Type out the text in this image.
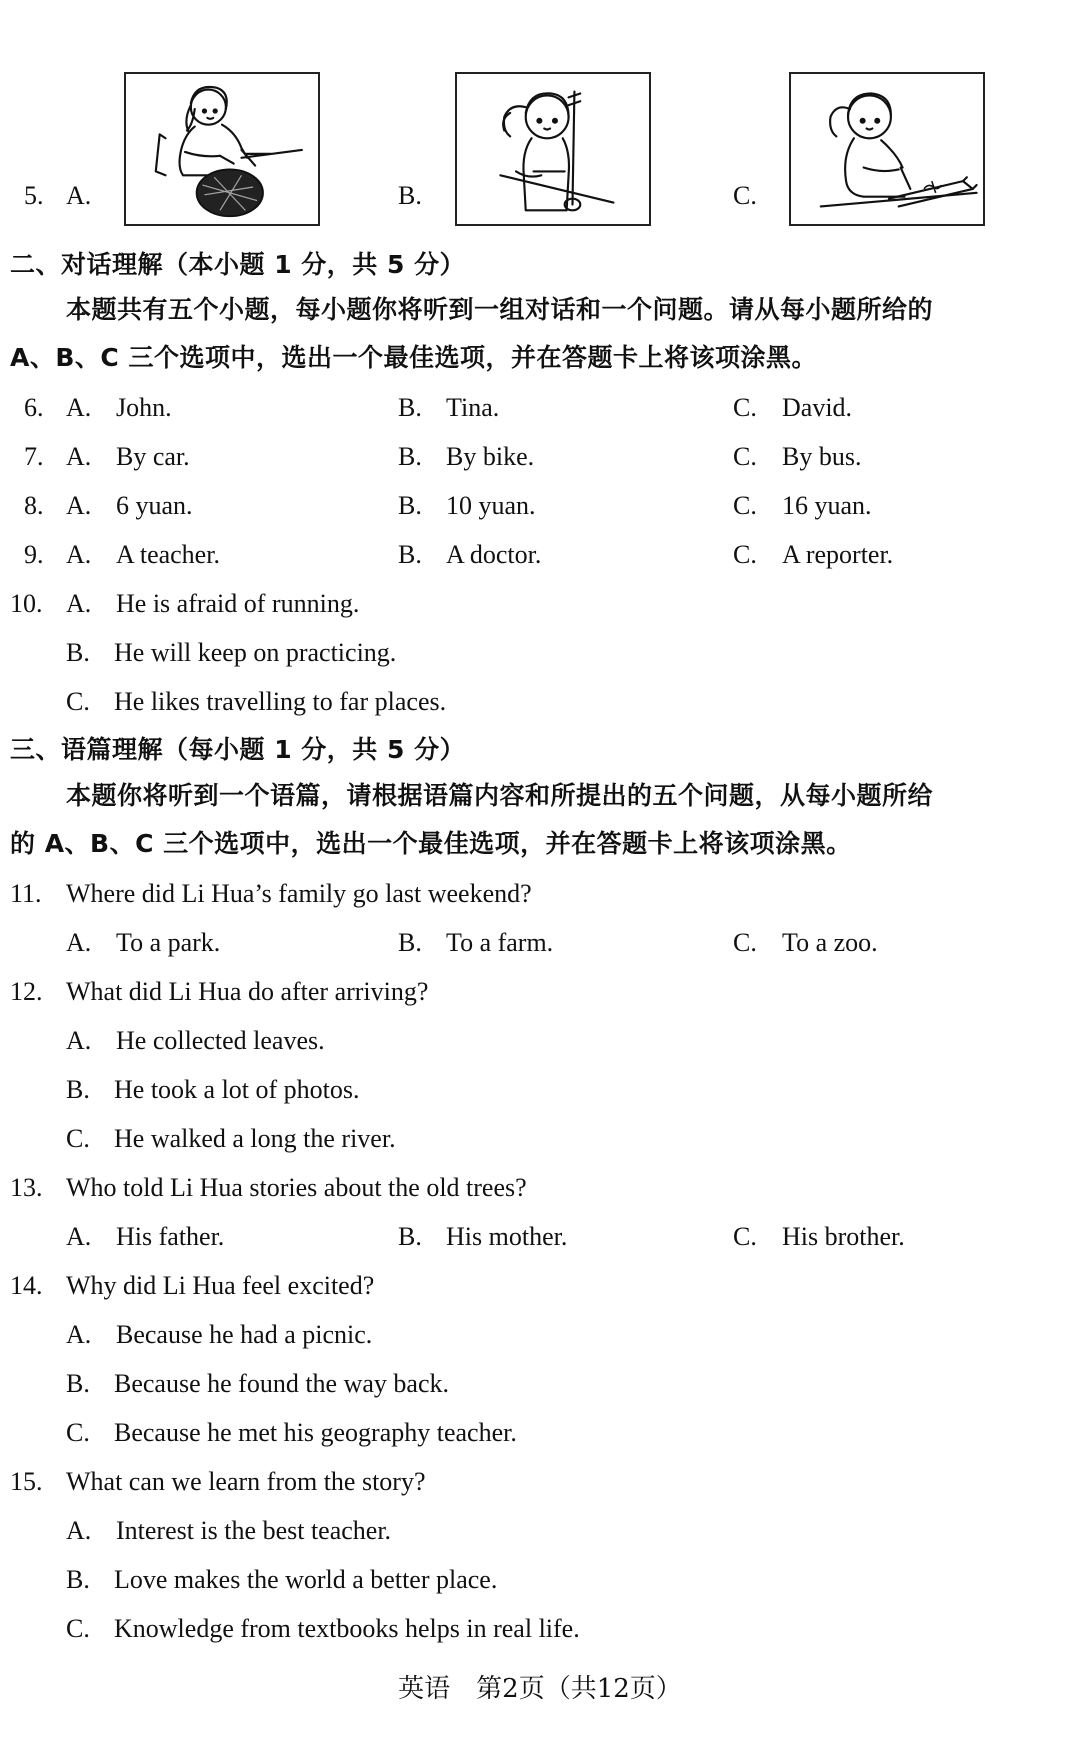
5. A.	B.	C.
二、对话理解（本小题 1 分，共 5 分）
本题共有五个小题，每小题你将听到一组对话和一个问题。请从每小题所给的
A、B、C 三个选项中，选出一个最佳选项，并在答题卡上将该项涂黑。
6. A. John.	B. Tina.	C. David.
7. A. By car.	B. By bike.	C. By bus.
8. A. 6 yuan.	B. 10 yuan.	C. 16 yuan.
9. A. A teacher.	B. A doctor.	C. A reporter.
10. A. He is afraid of running.
B. He will keep on practicing.
C. He likes travelling to far places.
三、语篇理解（每小题 1 分，共 5 分）
本题你将听到一个语篇，请根据语篇内容和所提出的五个问题，从每小题所给
的 A、B、C 三个选项中，选出一个最佳选项，并在答题卡上将该项涂黑。
11. Where did Li Hua’s family go last weekend?
A. To a park.	B. To a farm.	C. To a zoo.
12. What did Li Hua do after arriving?
A. He collected leaves.
B. He took a lot of photos.
C. He walked a long the river.
13. Who told Li Hua stories about the old trees?
A. His father.	B. His mother.	C. His brother.
14. Why did Li Hua feel excited?
A. Because he had a picnic.
B. Because he found the way back.
C. Because he met his geography teacher.
15. What can we learn from the story?
A. Interest is the best teacher.
B. Love makes the world a better place.
C. Knowledge from textbooks helps in real life.
英语　第2页（共12页）
